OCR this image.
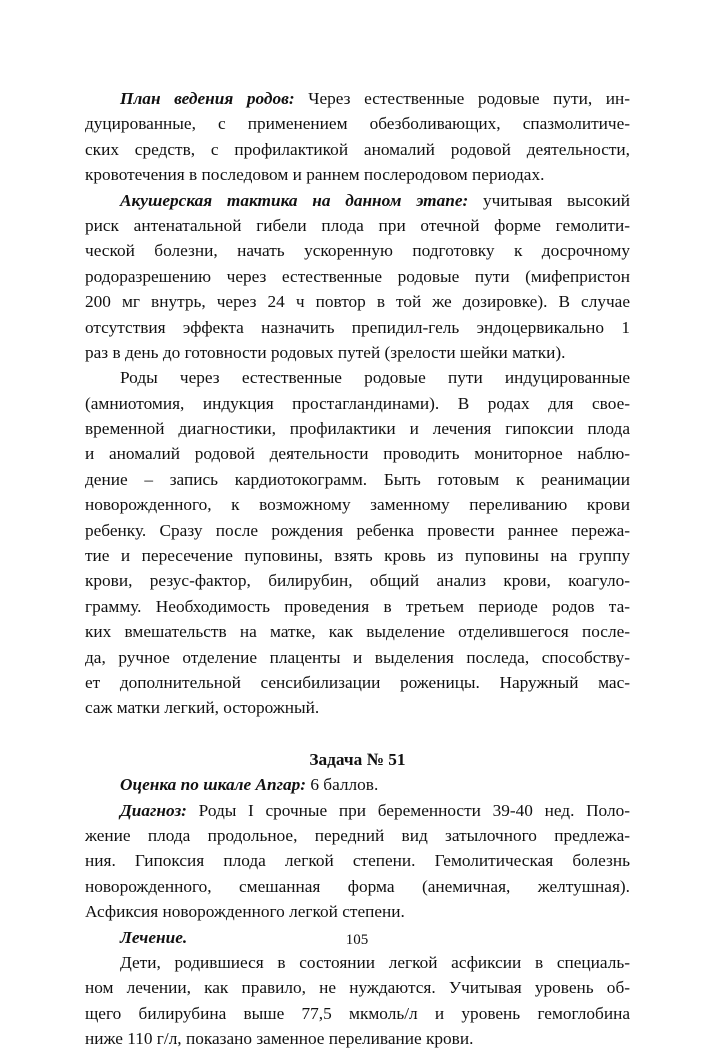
План ведения родов: Через естественные родовые пути, ин-
дуцированные, с применением обезболивающих, спазмолитиче-
ских средств, с профилактикой аномалий родовой деятельности,
кровотечения в последовом и раннем послеродовом периодах.
Акушерская тактика на данном этапе: учитывая высокий
риск антенатальной гибели плода при отечной форме гемолити-
ческой болезни, начать ускоренную подготовку к досрочному
родоразрешению через естественные родовые пути (мифепристон
200 мг внутрь, через 24 ч повтор в той же дозировке). В случае
отсутствия эффекта назначить препидил-гель эндоцервикально 1
раз в день до готовности родовых путей (зрелости шейки матки).
Роды через естественные родовые пути индуцированные
(амниотомия, индукция простагландинами). В родах для свое-
временной диагностики, профилактики и лечения гипоксии плода
и аномалий родовой деятельности проводить мониторное наблю-
дение – запись кардиотокограмм. Быть готовым к реанимации
новорожденного, к возможному заменному переливанию крови
ребенку. Сразу после рождения ребенка провести раннее пережа-
тие и пересечение пуповины, взять кровь из пуповины на группу
крови, резус-фактор, билирубин, общий анализ крови, коагуло-
грамму. Необходимость проведения в третьем периоде родов та-
ких вмешательств на матке, как выделение отделившегося после-
да, ручное отделение плаценты и выделения последа, способству-
ет дополнительной сенсибилизации роженицы. Наружный мас-
саж матки легкий, осторожный.
Задача № 51
Оценка по шкале Апгар: 6 баллов.
Диагноз: Роды I срочные при беременности 39-40 нед. Поло-
жение плода продольное, передний вид затылочного предлежа-
ния. Гипоксия плода легкой степени. Гемолитическая болезнь
новорожденного, смешанная форма (анемичная, желтушная).
Асфиксия новорожденного легкой степени.
Лечение.
Дети, родившиеся в состоянии легкой асфиксии в специаль-
ном лечении, как правило, не нуждаются. Учитывая уровень об-
щего билирубина выше 77,5 мкмоль/л и уровень гемоглобина
ниже 110 г/л, показано заменное переливание крови.
105
